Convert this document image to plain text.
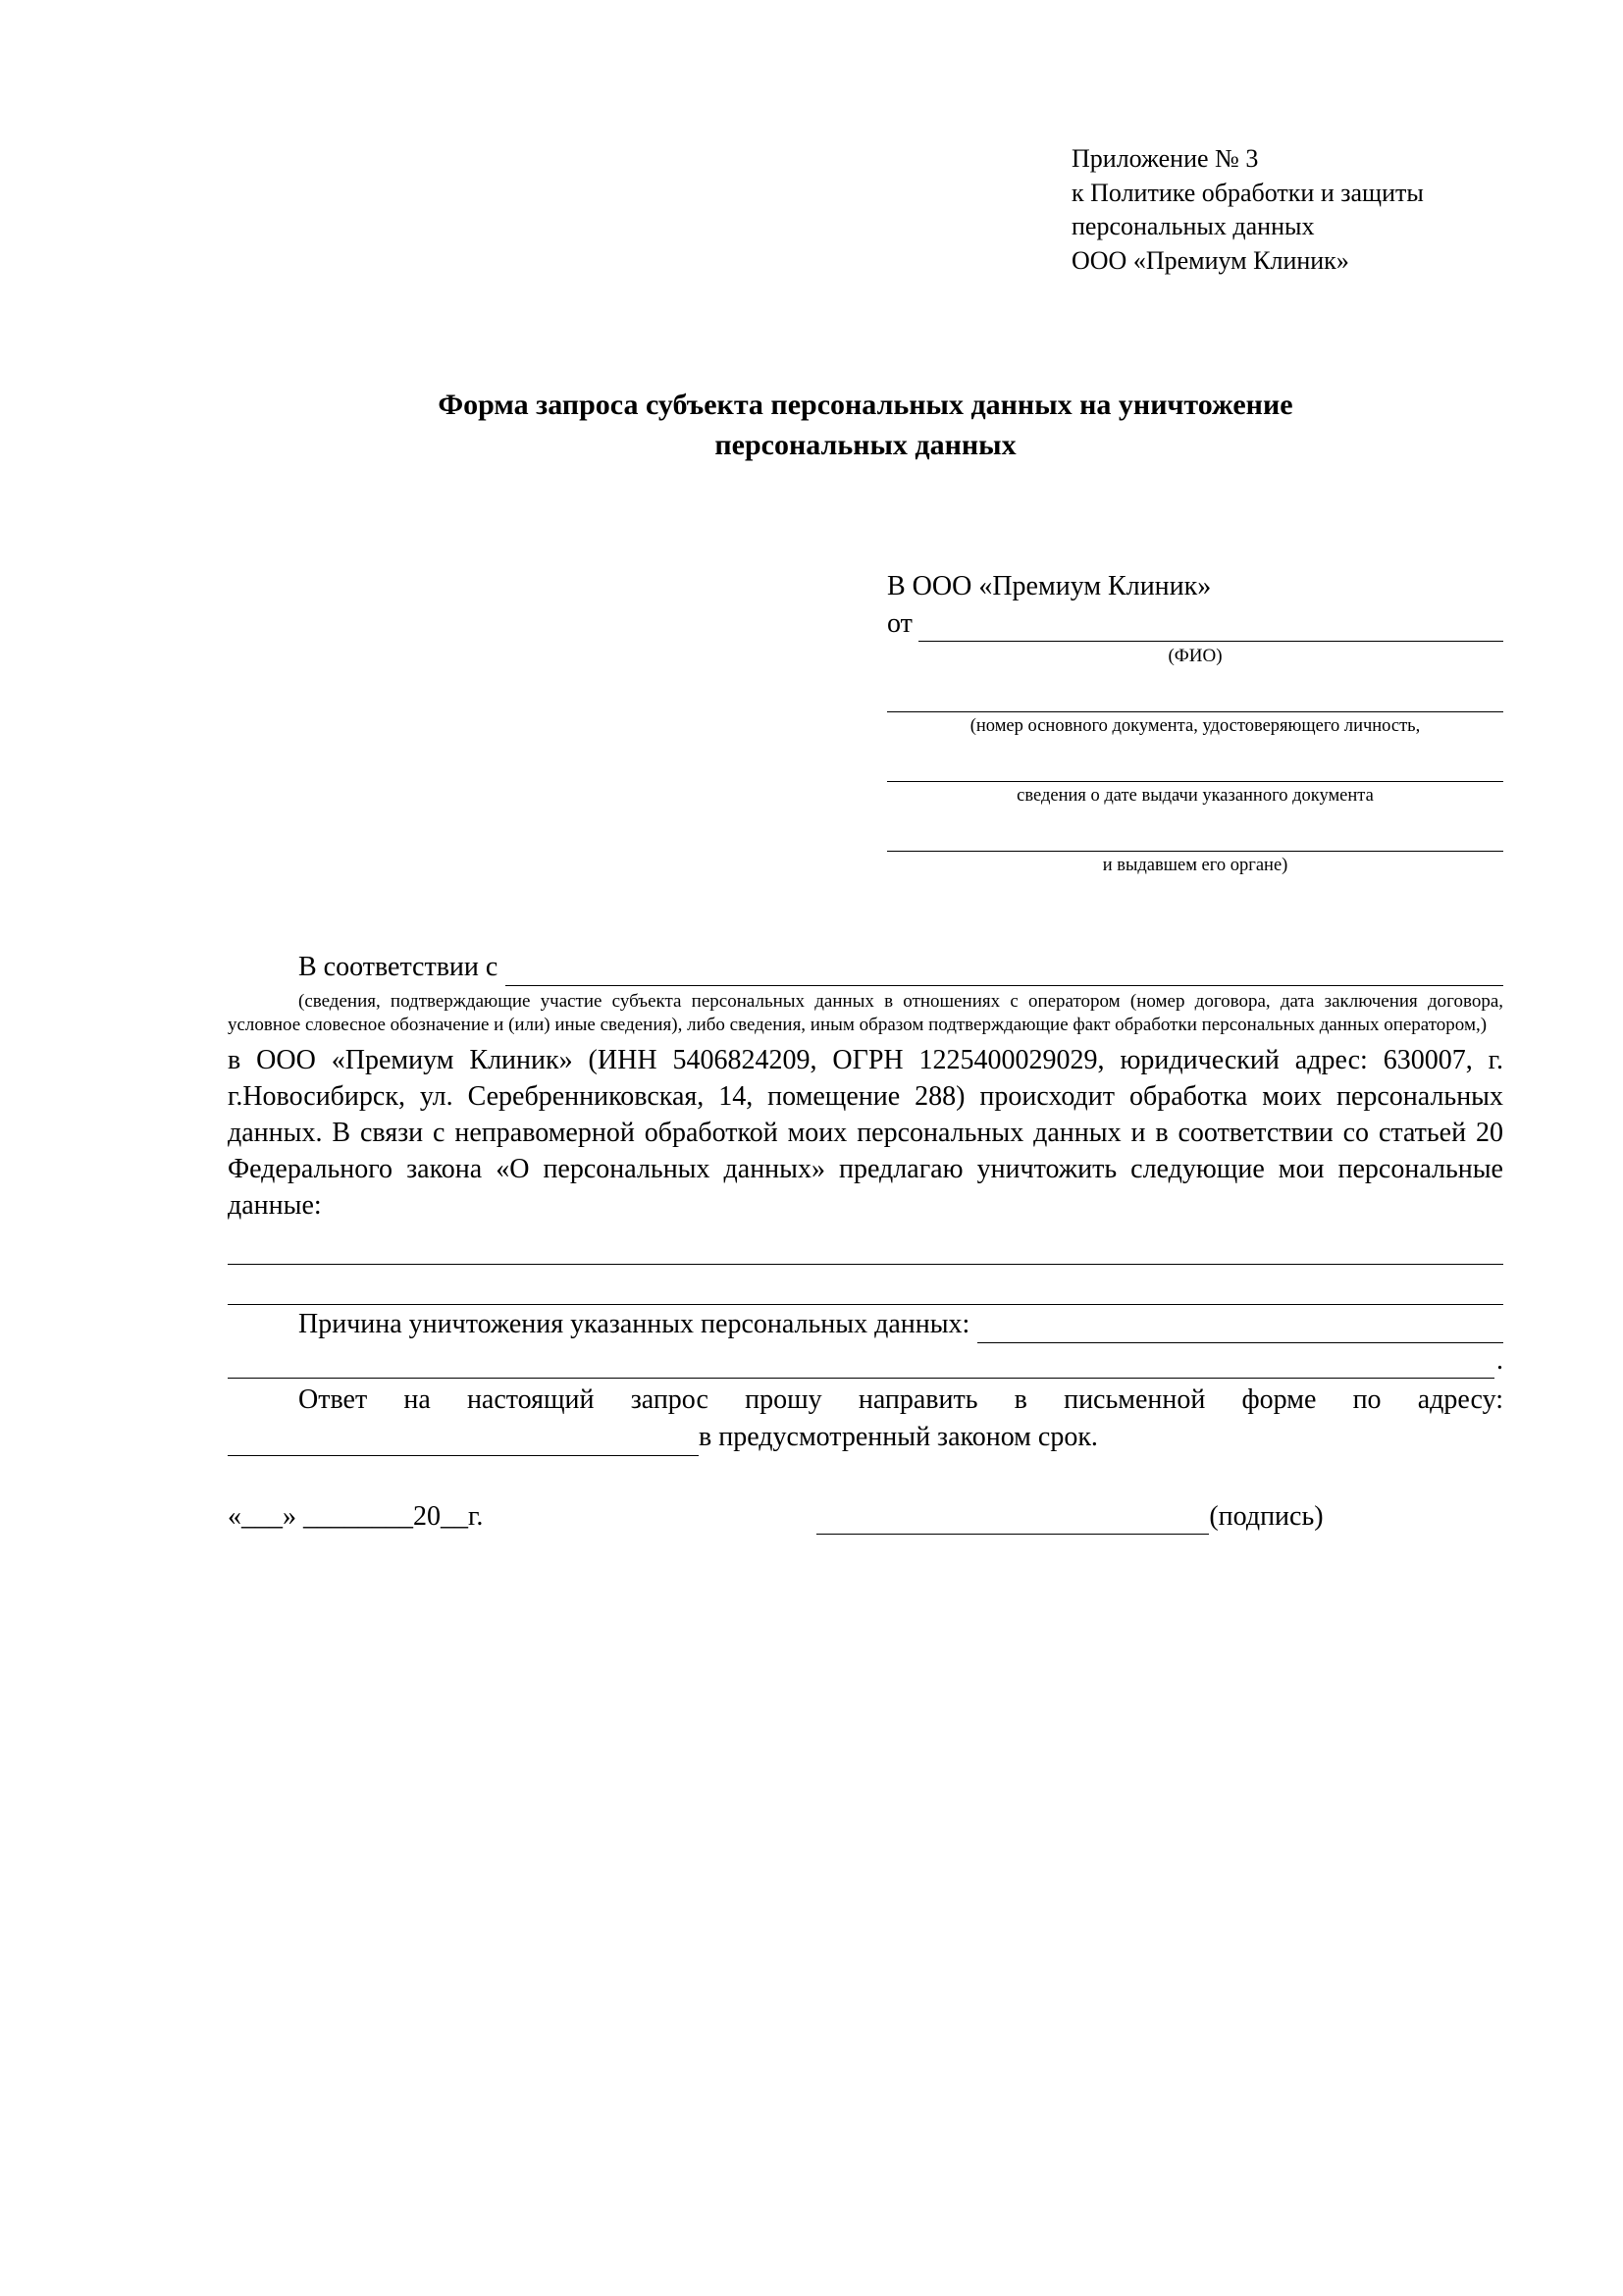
Приложение № 3
к Политике обработки и защиты
персональных данных
ООО «Премиум Клиник»
Форма запроса субъекта персональных данных на уничтожение
персональных данных
В ООО «Премиум Клиник»
от
(ФИО)
(номер основного документа, удостоверяющего личность,
сведения о дате выдачи указанного документа
и выдавшем его органе)
В соответствии с
(сведения, подтверждающие участие субъекта персональных данных в отношениях с оператором (номер договора, дата заключения договора, условное словесное обозначение и (или) иные сведения), либо сведения, иным образом подтверждающие факт обработки персональных данных оператором,)
в ООО «Премиум Клиник» (ИНН 5406824209, ОГРН 1225400029029, юридический адрес: 630007, г. г.Новосибирск, ул. Серебренниковская, 14, помещение 288) происходит обработка моих персональных данных. В связи с неправомерной обработкой моих персональных данных и в соответствии со статьей 20 Федерального закона «О персональных данных» предлагаю уничтожить следующие мои персональные данные:
Причина уничтожения указанных персональных данных:
.
Ответ на настоящий запрос прошу направить в письменной форме по адресу:
в предусмотренный законом срок.
«___» ________20__г.	(подпись)
